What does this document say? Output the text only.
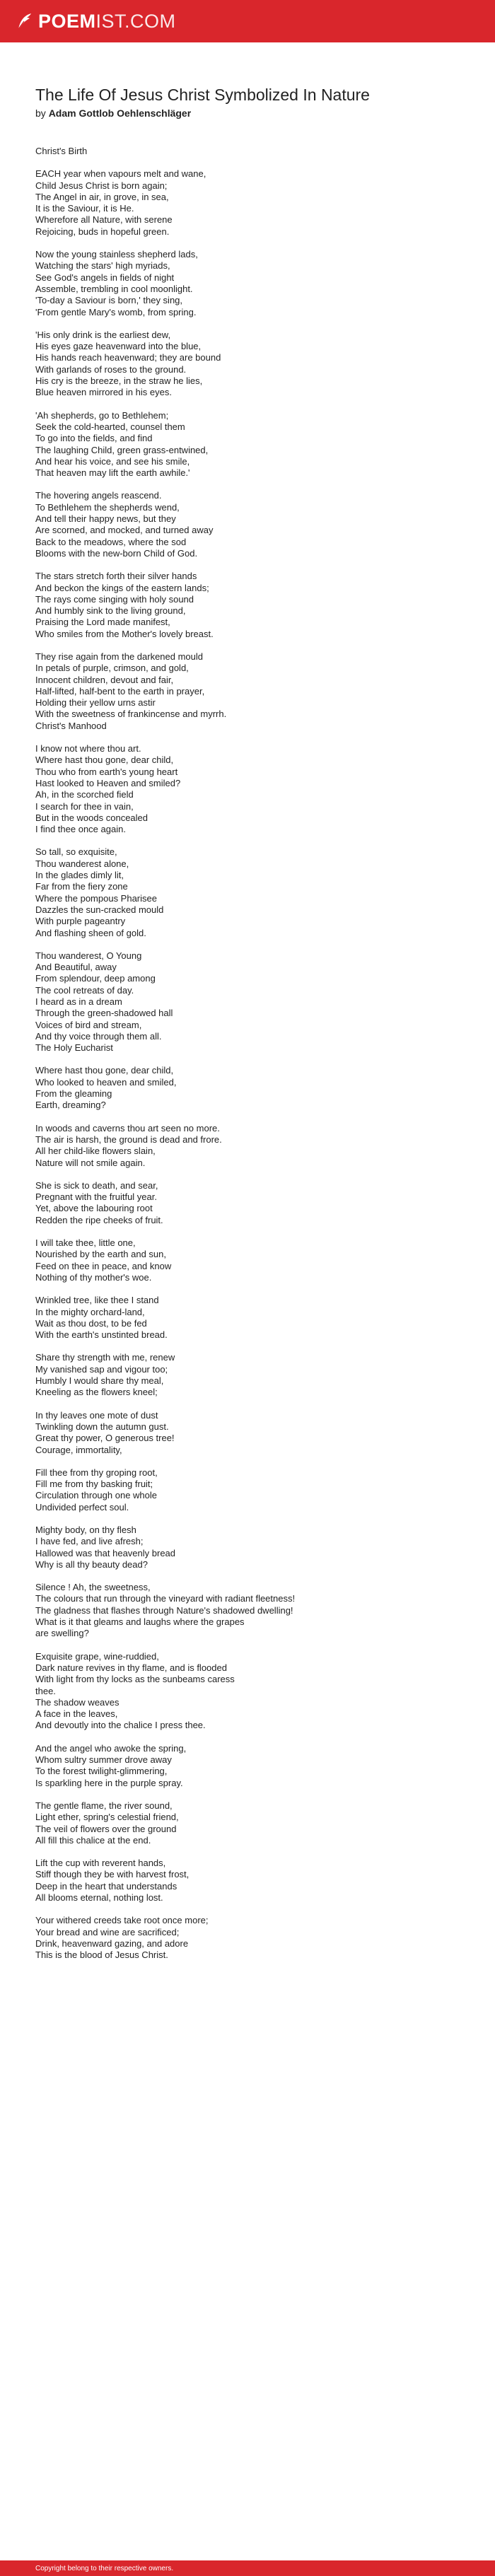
POEMIST.COM
The Life Of Jesus Christ Symbolized In Nature
by Adam Gottlob Oehlenschläger
Christ's Birth
EACH year when vapours melt and wane,
Child Jesus Christ is born again;
The Angel in air, in grove, in sea,
It is the Saviour, it is He.
Wherefore all Nature, with serene
Rejoicing, buds in hopeful green.
Now the young stainless shepherd lads,
Watching the stars' high myriads,
See God's angels in fields of night
Assemble, trembling in cool moonlight.
'To-day a Saviour is born,' they sing,
'From gentle Mary's womb, from spring.
'His only drink is the earliest dew,
His eyes gaze heavenward into the blue,
His hands reach heavenward; they are bound
With garlands of roses to the ground.
His cry is the breeze, in the straw he lies,
Blue heaven mirrored in his eyes.
'Ah shepherds, go to Bethlehem;
Seek the cold-hearted, counsel them
To go into the fields, and find
The laughing Child, green grass-entwined,
And hear his voice, and see his smile,
That heaven may lift the earth awhile.'
The hovering angels reascend.
To Bethlehem the shepherds wend,
And tell their happy news, but they
Are scorned, and mocked, and turned away
Back to the meadows, where the sod
Blooms with the new-born Child of God.
The stars stretch forth their silver hands
And beckon the kings of the eastern lands;
The rays come singing with holy sound
And humbly sink to the living ground,
Praising the Lord made manifest,
Who smiles from the Mother's lovely breast.
They rise again from the darkened mould
In petals of purple, crimson, and gold,
Innocent children, devout and fair,
Half-lifted, half-bent to the earth in prayer,
Holding their yellow urns astir
With the sweetness of frankincense and myrrh.
Christ's Manhood
I know not where thou art.
Where hast thou gone, dear child,
Thou who from earth's young heart
Hast looked to Heaven and smiled?
Ah, in the scorched field
I search for thee in vain,
But in the woods concealed
I find thee once again.
So tall, so exquisite,
Thou wanderest alone,
In the glades dimly lit,
Far from the fiery zone
Where the pompous Pharisee
Dazzles the sun-cracked mould
With purple pageantry
And flashing sheen of gold.
Thou wanderest, O Young
And Beautiful, away
From splendour, deep among
The cool retreats of day.
I heard as in a dream
Through the green-shadowed hall
Voices of bird and stream,
And thy voice through them all.
The Holy Eucharist
Where hast thou gone, dear child,
Who looked to heaven and smiled,
From the gleaming
Earth, dreaming?
In woods and caverns thou art seen no more.
The air is harsh, the ground is dead and frore.
All her child-like flowers slain,
Nature will not smile again.
She is sick to death, and sear,
Pregnant with the fruitful year.
Yet, above the labouring root
Redden the ripe cheeks of fruit.
I will take thee, little one,
Nourished by the earth and sun,
Feed on thee in peace, and know
Nothing of thy mother's woe.
Wrinkled tree, like thee I stand
In the mighty orchard-land,
Wait as thou dost, to be fed
With the earth's unstinted bread.
Share thy strength with me, renew
My vanished sap and vigour too;
Humbly I would share thy meal,
Kneeling as the flowers kneel;
In thy leaves one mote of dust
Twinkling down the autumn gust.
Great thy power, O generous tree!
Courage, immortality,
Fill thee from thy groping root,
Fill me from thy basking fruit;
Circulation through one whole
Undivided perfect soul.
Mighty body, on thy flesh
I have fed, and live afresh;
Hallowed was that heavenly bread
Why is all thy beauty dead?
Silence ! Ah, the sweetness,
The colours that run through the vineyard with radiant fleetness!
The gladness that flashes through Nature's shadowed dwelling!
What is it that gleams and laughs where the grapes
are swelling?
Exquisite grape, wine-ruddied,
Dark nature revives in thy flame, and is flooded
With light from thy locks as the sunbeams caress
thee.
The shadow weaves
A face in the leaves,
And devoutly into the chalice I press thee.
And the angel who awoke the spring,
Whom sultry summer drove away
To the forest twilight-glimmering,
Is sparkling here in the purple spray.
The gentle flame, the river sound,
Light ether, spring's celestial friend,
The veil of flowers over the ground
All fill this chalice at the end.
Lift the cup with reverent hands,
Stiff though they be with harvest frost,
Deep in the heart that understands
All blooms eternal, nothing lost.
Your withered creeds take root once more;
Your bread and wine are sacrificed;
Drink, heavenward gazing, and adore
This is the blood of Jesus Christ.
Copyright belong to their respective owners.
